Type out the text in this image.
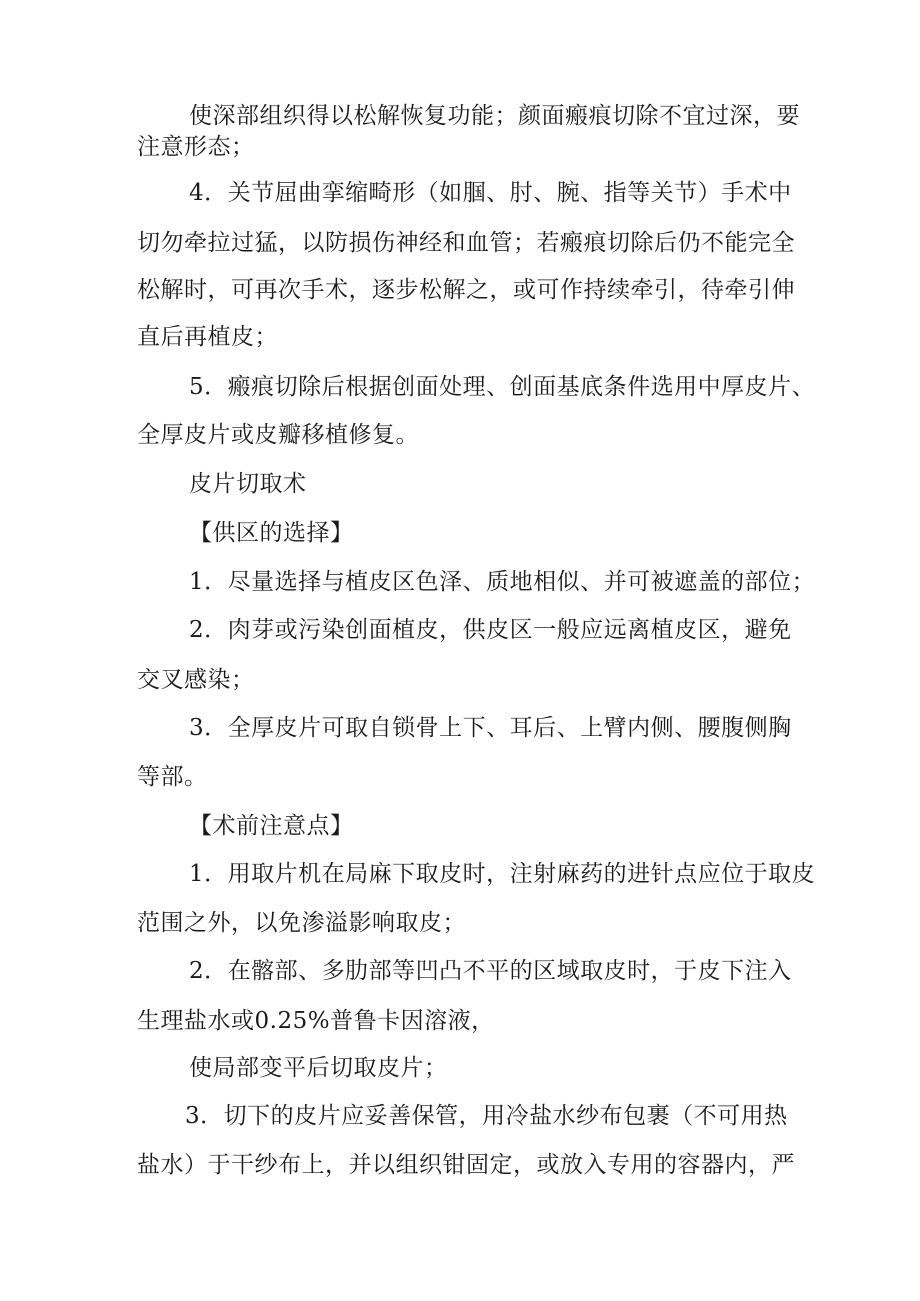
使深部组织得以松解恢复功能；颜面瘢痕切除不宜过深，要
注意形态；
4．关节屈曲挛缩畸形（如腘、肘、腕、指等关节）手术中
切勿牵拉过猛，以防损伤神经和血管；若瘢痕切除后仍不能完全
松解时，可再次手术，逐步松解之，或可作持续牵引，待牵引伸
直后再植皮；
5．瘢痕切除后根据创面处理、创面基底条件选用中厚皮片、
全厚皮片或皮瓣移植修复。
皮片切取术
【供区的选择】
1．尽量选择与植皮区色泽、质地相似、并可被遮盖的部位；
2．肉芽或污染创面植皮，供皮区一般应远离植皮区，避免
交叉感染；
3．全厚皮片可取自锁骨上下、耳后、上臂内侧、腰腹侧胸
等部。
【术前注意点】
1．用取片机在局麻下取皮时，注射麻药的进针点应位于取皮
范围之外，以免渗溢影响取皮；
2．在髂部、多肋部等凹凸不平的区域取皮时，于皮下注入
生理盐水或0.25%普鲁卡因溶液，
使局部变平后切取皮片；
3．切下的皮片应妥善保管，用冷盐水纱布包裹（不可用热
盐水）于干纱布上，并以组织钳固定，或放入专用的容器内，严
